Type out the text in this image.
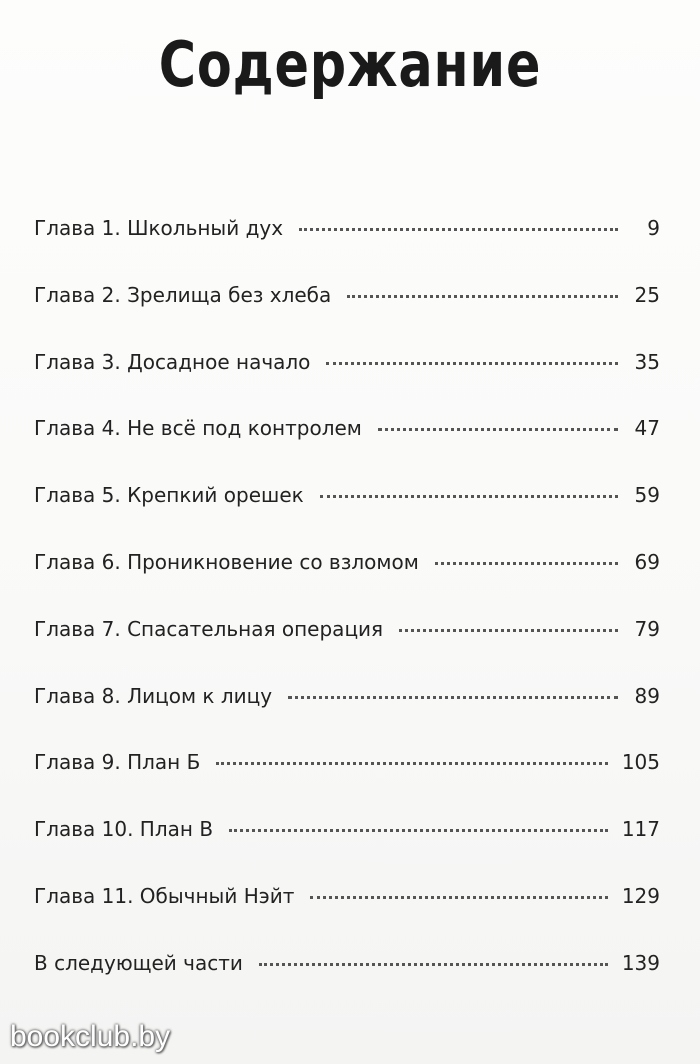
Содержание
Глава 1. Школьный дух	9
Глава 2. Зрелища без хлеба	25
Глава 3. Досадное начало	35
Глава 4. Не всё под контролем	47
Глава 5. Крепкий орешек	59
Глава 6. Проникновение со взломом	69
Глава 7. Спасательная операция	79
Глава 8. Лицом к лицу	89
Глава 9. План Б	105
Глава 10. План В	117
Глава 11. Обычный Нэйт	129
В следующей части	139
bookclub.by
